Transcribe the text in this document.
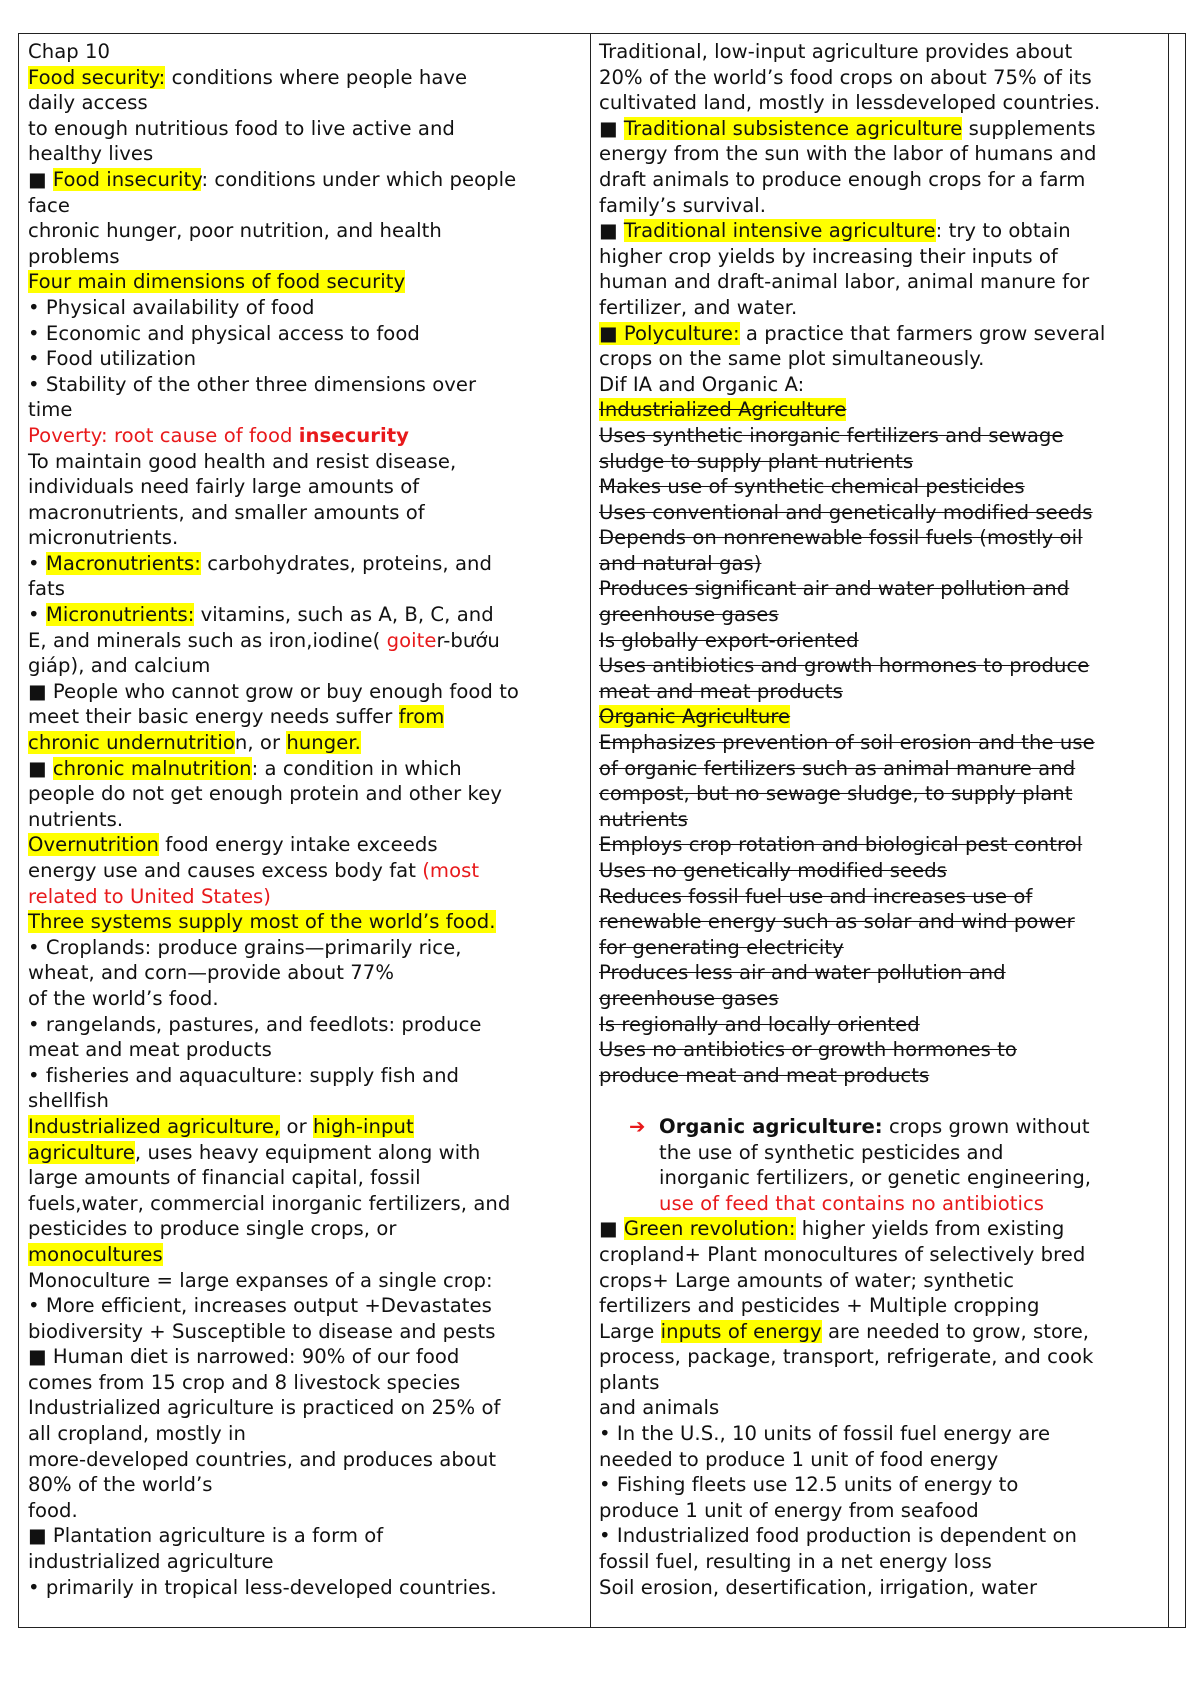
Chap 10
Food security: conditions where people have
daily access
to enough nutritious food to live active and
healthy lives
■ Food insecurity: conditions under which people
face
chronic hunger, poor nutrition, and health
problems
Four main dimensions of food security
• Physical availability of food
• Economic and physical access to food
• Food utilization
• Stability of the other three dimensions over
time
Poverty: root cause of food insecurity
To maintain good health and resist disease,
individuals need fairly large amounts of
macronutrients, and smaller amounts of
micronutrients.
• Macronutrients: carbohydrates, proteins, and
fats
• Micronutrients: vitamins, such as A, B, C, and
E, and minerals such as iron,iodine( goiter-bướu
giáp), and calcium
■ People who cannot grow or buy enough food to
meet their basic energy needs suffer from
chronic undernutrition, or hunger.
■ chronic malnutrition: a condition in which
people do not get enough protein and other key
nutrients.
Overnutrition food energy intake exceeds
energy use and causes excess body fat (most
related to United States)
Three systems supply most of the world’s food.
• Croplands: produce grains—primarily rice,
wheat, and corn—provide about 77%
of the world’s food.
• rangelands, pastures, and feedlots: produce
meat and meat products
• fisheries and aquaculture: supply fish and
shellfish
Industrialized agriculture, or high-input
agriculture, uses heavy equipment along with
large amounts of financial capital, fossil
fuels,water, commercial inorganic fertilizers, and
pesticides to produce single crops, or
monocultures
Monoculture = large expanses of a single crop:
• More efficient, increases output +Devastates
biodiversity + Susceptible to disease and pests
■ Human diet is narrowed: 90% of our food
comes from 15 crop and 8 livestock species
Industrialized agriculture is practiced on 25% of
all cropland, mostly in
more-developed countries, and produces about
80% of the world’s
food.
■ Plantation agriculture is a form of
industrialized agriculture
• primarily in tropical less-developed countries.
Traditional, low-input agriculture provides about
20% of the world’s food crops on about 75% of its
cultivated land, mostly in lessdeveloped countries.
■ Traditional subsistence agriculture supplements
energy from the sun with the labor of humans and
draft animals to produce enough crops for a farm
family’s survival.
■ Traditional intensive agriculture: try to obtain
higher crop yields by increasing their inputs of
human and draft-animal labor, animal manure for
fertilizer, and water.
■ Polyculture: a practice that farmers grow several
crops on the same plot simultaneously.
Dif IA and Organic A:
Industrialized Agriculture
Uses synthetic inorganic fertilizers and sewage
sludge to supply plant nutrients
Makes use of synthetic chemical pesticides
Uses conventional and genetically modified seeds
Depends on nonrenewable fossil fuels (mostly oil
and natural gas)
Produces significant air and water pollution and
greenhouse gases
Is globally export-oriented
Uses antibiotics and growth hormones to produce
meat and meat products
Organic Agriculture
Emphasizes prevention of soil erosion and the use
of organic fertilizers such as animal manure and
compost, but no sewage sludge, to supply plant
nutrients
Employs crop rotation and biological pest control
Uses no genetically modified seeds
Reduces fossil fuel use and increases use of
renewable energy such as solar and wind power
for generating electricity
Produces less air and water pollution and
greenhouse gases
Is regionally and locally oriented
Uses no antibiotics or growth hormones to
produce meat and meat products
➔ Organic agriculture: crops grown without
the use of synthetic pesticides and
inorganic fertilizers, or genetic engineering,
use of feed that contains no antibiotics
■ Green revolution: higher yields from existing
cropland+ Plant monocultures of selectively bred
crops+ Large amounts of water; synthetic
fertilizers and pesticides + Multiple cropping
Large inputs of energy are needed to grow, store,
process, package, transport, refrigerate, and cook
plants
and animals
• In the U.S., 10 units of fossil fuel energy are
needed to produce 1 unit of food energy
• Fishing fleets use 12.5 units of energy to
produce 1 unit of energy from seafood
• Industrialized food production is dependent on
fossil fuel, resulting in a net energy loss
Soil erosion, desertification, irrigation, water
